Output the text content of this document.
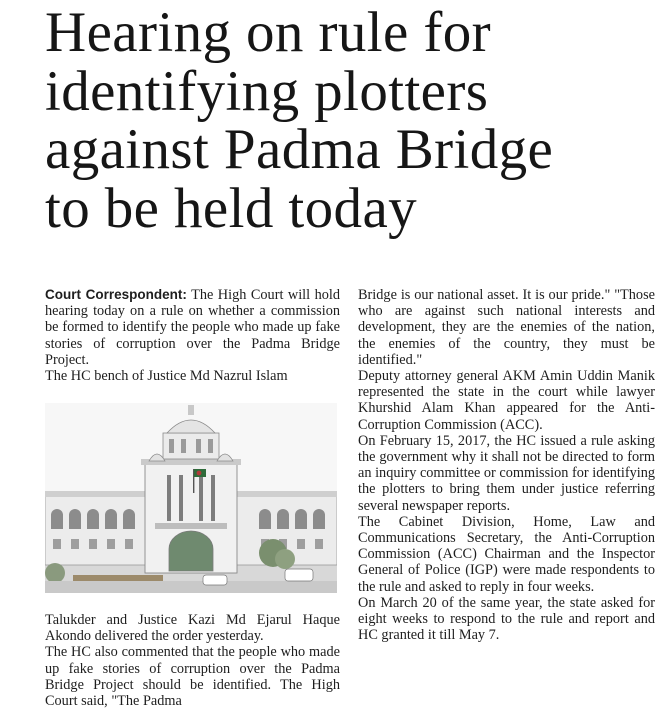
Hearing on rule for
identifying plotters
against Padma Bridge
to be held today

Court Correspondent: The High Court will hold hearing today on a rule on whether a commission be formed to identify the people who made up fake stories of corruption over the Padma Bridge Project.

The HC bench of Justice Md Nazrul Islam

Talukder and Justice Kazi Md Ejarul Haque Akondo delivered the order yesterday.

The HC also commented that the people who made up fake stories of corruption over the Padma Bridge Project should be identified. The High Court said, "The Padma

Bridge is our national asset. It is our pride." "Those who are against such national interests and development, they are the enemies of the nation, the enemies of the country, they must be identified."

Deputy attorney general AKM Amin Uddin Manik represented the state in the court while lawyer Khurshid Alam Khan appeared for the Anti-Corruption Commission (ACC).

On February 15, 2017, the HC issued a rule asking the government why it shall not be directed to form an inquiry committee or commission for identifying the plotters to bring them under justice referring several newspaper reports.

The Cabinet Division, Home, Law and Communications Secretary, the Anti-Corruption Commission (ACC) Chairman and the Inspector General of Police (IGP) were made respondents to the rule and asked to reply in four weeks.

On March 20 of the same year, the state asked for eight weeks to respond to the rule and report and HC granted it till May 7.
